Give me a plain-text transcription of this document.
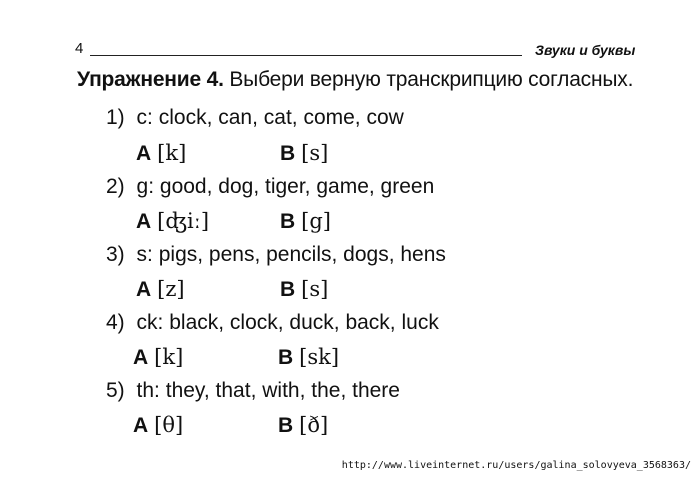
4	Звуки и буквы
Упражнение 4. Выбери верную транскрипцию согласных.
1) c: clock, can, cat, come, cow
A [k]	B [s]
2) g: good, dog, tiger, game, green
A [ʤiː]	B [g]
3) s: pigs, pens, pencils, dogs, hens
A [z]	B [s]
4) ck: black, clock, duck, back, luck
A [k]	B [sk]
5) th: they, that, with, the, there
A [θ]	B [ð]
http://www.liveinternet.ru/users/galina_solovyeva_3568363/
